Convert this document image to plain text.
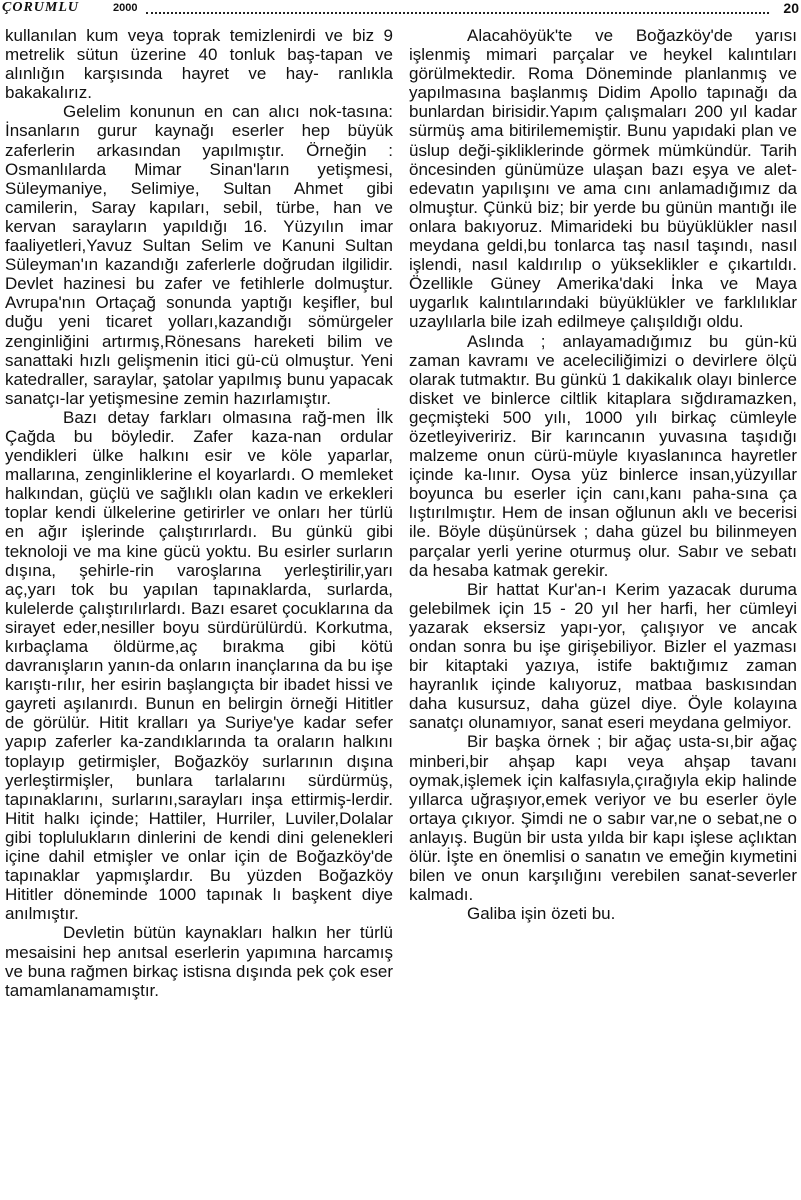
ÇORUMLU	2000	20

kullanılan kum veya toprak temizlenirdi ve biz 9 metrelik sütun üzerine 40 tonluk baş-tapan ve alınlığın karşısında hayret ve hay- ranlıkla bakakalırız.

Gelelim konunun en can alıcı nok-tasına: İnsanların gurur kaynağı eserler hep büyük zaferlerin arkasından yapılmıştır. Örneğin : Osmanlılarda Mimar Sinan'ların yetişmesi, Süleymaniye, Selimiye, Sultan Ahmet gibi camilerin, Saray kapıları, sebil, türbe, han ve kervan sarayların yapıldığı 16. Yüzyılın imar faaliyetleri,Yavuz Sultan Selim ve Kanuni Sultan Süleyman'ın kazandığı zaferlerle doğrudan ilgilidir. Devlet hazinesi bu zafer ve fetihlerle dolmuştur. Avrupa'nın Ortaçağ sonunda yaptığı keşifler, bul duğu yeni ticaret yolları,kazandığı sömürgeler zenginliğini artırmış,Rönesans hareketi bilim ve sanattaki hızlı gelişmenin itici gü-cü olmuştur. Yeni katedraller, saraylar, şatolar yapılmış bunu yapacak sanatçı-lar yetişmesine zemin hazırlamıştır.

Bazı detay farkları olmasına rağ-men İlk Çağda bu böyledir. Zafer kaza-nan ordular yendikleri ülke halkını esir ve köle yaparlar, mallarına, zenginliklerine el koyarlardı. O memleket halkından, güçlü ve sağlıklı olan kadın ve erkekleri toplar kendi ülkelerine getirirler ve onları her türlü en ağır işlerinde çalıştırırlardı. Bu günkü gibi teknoloji ve ma kine gücü yoktu. Bu esirler surların dışına, şehirle-rin varoşlarına yerleştirilir,yarı aç,yarı tok bu yapılan tapınaklarda, surlarda, kulelerde çalıştırılırlardı. Bazı esaret çocuklarına da sirayet eder,nesiller boyu sürdürülürdü. Korkutma, kırbaçlama öldürme,aç bırakma gibi kötü davranışların yanın-da onların inançlarına da bu işe karıştı-rılır, her esirin başlangıçta bir ibadet hissi ve gayreti aşılanırdı. Bunun en belirgin örneği Hititler de görülür. Hitit kralları ya Suriye'ye kadar sefer yapıp zaferler ka-zandıklarında ta oraların halkını toplayıp getirmişler, Boğazköy surlarının dışına yerleştirmişler, bunlara tarlalarını sürdürmüş, tapınaklarını, surlarını,sarayları inşa ettirmiş-lerdir. Hitit halkı içinde; Hattiler, Hurriler, Luviler,Dolalar gibi toplulukların dinlerini de kendi dini gelenekleri içine dahil etmişler ve onlar için de Boğazköy'de tapınaklar yapmışlardır. Bu yüzden Boğazköy Hititler döneminde 1000 tapınak lı başkent diye anılmıştır.

Devletin bütün kaynakları halkın her türlü mesaisini hep anıtsal eserlerin yapımına harcamış ve buna rağmen birkaç istisna dışında pek çok eser tamamlanamamıştır.

Alacahöyük'te ve Boğazköy'de yarısı işlenmiş mimari parçalar ve heykel kalıntıları görülmektedir. Roma Döneminde planlanmış ve yapılmasına başlanmış Didim Apollo tapınağı da bunlardan birisidir.Yapım çalışmaları 200 yıl kadar sürmüş ama bitirilememiştir. Bunu yapıdaki plan ve üslup deği-şikliklerinde görmek mümkündür. Tarih öncesinden günümüze ulaşan bazı eşya ve alet-edevatın yapılışını ve ama cını anlamadığımız da olmuştur. Çünkü biz; bir yerde bu günün mantığı ile onlara bakıyoruz. Mimarideki bu büyüklükler nasıl meydana geldi,bu tonlarca taş nasıl taşındı, nasıl işlendi, nasıl kaldırılıp o yükseklikler e çıkartıldı. Özellikle Güney Amerika'daki İnka ve Maya uygarlık kalıntılarındaki büyüklükler ve farklılıklar uzaylılarla bile izah edilmeye çalışıldığı oldu.

Aslında ; anlayamadığımız bu gün-kü zaman kavramı ve aceleciliğimizi o devirlere ölçü olarak tutmaktır. Bu günkü 1 dakikalık olayı binlerce disket ve binlerce ciltlik kitaplara sığdıramazken, geçmişteki 500 yılı, 1000 yılı birkaç cümleyle özetleyiveririz. Bir karıncanın yuvasına taşıdığı malzeme onun cürü-müyle kıyaslanınca hayretler içinde ka-lınır. Oysa yüz binlerce insan,yüzyıllar boyunca bu eserler için canı,kanı paha-sına ça lıştırılmıştır. Hem de insan oğlunun aklı ve becerisi ile. Böyle düşünürsek ; daha güzel bu bilinmeyen parçalar yerli yerine oturmuş olur. Sabır ve sebatı da hesaba katmak gerekir.

Bir hattat Kur'an-ı Kerim yazacak duruma gelebilmek için 15 - 20 yıl her harfi, her cümleyi yazarak eksersiz yapı-yor, çalışıyor ve ancak ondan sonra bu işe girişebiliyor. Bizler el yazması bir kitaptaki yazıya, istife baktığımız zaman hayranlık içinde kalıyoruz, matbaa baskısından daha kusursuz, daha güzel diye. Öyle kolayına sanatçı olunamıyor, sanat eseri meydana gelmiyor.

Bir başka örnek ; bir ağaç usta-sı,bir ağaç minberi,bir ahşap kapı veya ahşap tavanı oymak,işlemek için kalfasıyla,çırağıyla ekip halinde yıllarca uğraşıyor,emek veriyor ve bu eserler öyle ortaya çıkıyor. Şimdi ne o sabır var,ne o sebat,ne o anlayış. Bugün bir usta yılda bir kapı işlese açlıktan ölür. İşte en önemlisi o sanatın ve emeğin kıymetini bilen ve onun karşılığını verebilen sanat-severler kalmadı.

Galiba işin özeti bu.
